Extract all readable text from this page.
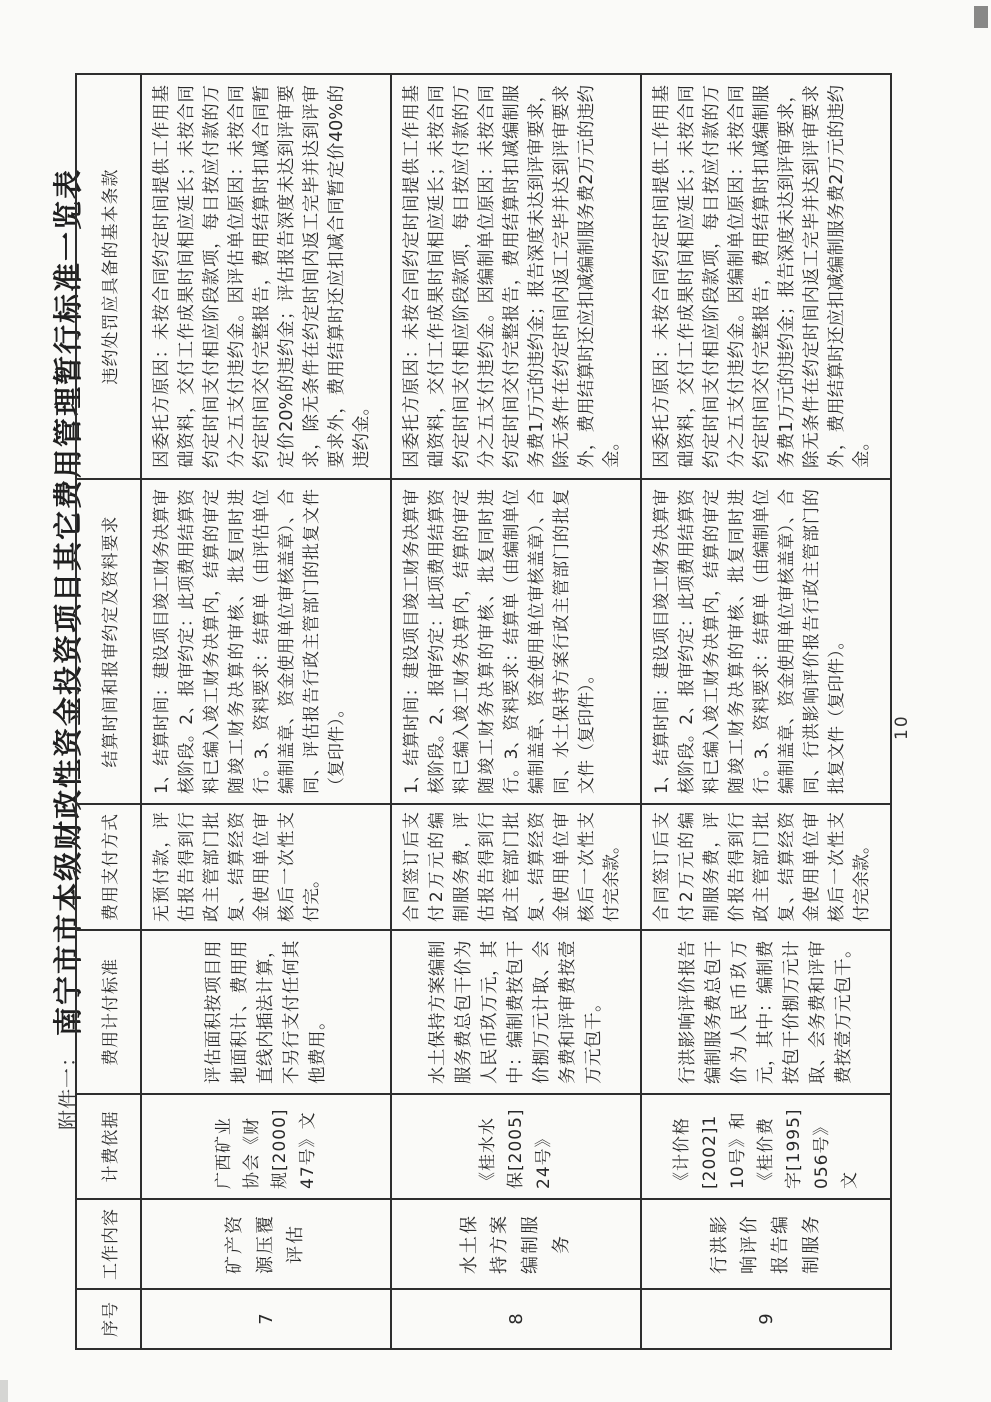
附件一：
南宁市市本级财政性资金投资项目其它费用管理暂行标准一览表
序号	工作内容	计费依据	费用计付标准	费用支付方式	结算时间和报审约定及资料要求	违约处罚应具备的基本条款
7	矿产资源压覆评估	广西矿业协会《财规[2000]47号》文	评估面积按项目用地面积计、费用用直线内插法计算，不另行支付任何其他费用。	无预付款，评估报告得到行政主管部门批复、结算经资金使用单位审核后一次性支付完。	1、结算时间：建设项目竣工财务决算审核阶段。2、报审约定：此项费用结算资料已编入竣工财务决算内，结算的审定随竣工财务决算的审核、批复同时进行。3、资料要求：结算单（由评估单位编制盖章、资金使用单位审核盖章）、合同、评估报告行政主管部门的批复文件（复印件）。	因委托方原因：未按合同约定时间提供工作用基础资料，交付工作成果时间相应延长；未按合同约定时间支付相应阶段款项，每日按应付款的万分之五支付违约金。因评估单位原因：未按合同约定时间交付完整报告，费用结算时扣减合同暂定价20%的违约金；评估报告深度未达到评审要求，除无条件在约定时间内返工完毕并达到评审要求外，费用结算时还应扣减合同暂定价40%的违约金。
8	水土保持方案编制服务	《桂水水保[2005]24号》	水土保持方案编制服务费总包干价为人民币玖万元，其中：编制费按包干价捌万元计取、会务费和评审费按壹万元包干。	合同签订后支付2万元的编制服务费，评估报告得到行政主管部门批复、结算经资金使用单位审核后一次性支付完余款。	1、结算时间：建设项目竣工财务决算审核阶段。2、报审约定：此项费用结算资料已编入竣工财务决算内，结算的审定随竣工财务决算的审核、批复同时进行。3、资料要求：结算单（由编制单位编制盖章、资金使用单位审核盖章）、合同、水土保持方案行政主管部门的批复文件（复印件）。	因委托方原因：未按合同约定时间提供工作用基础资料，交付工作成果时间相应延长；未按合同约定时间支付相应阶段款项，每日按应付款的万分之五支付违约金。因编制单位原因：未按合同约定时间交付完整报告，费用结算时扣减编制服务费1万元的违约金；报告深度未达到评审要求，除无条件在约定时间内返工完毕并达到评审要求外，费用结算时还应扣减编制服务费2万元的违约金。
9	行洪影响评价报告编制服务	《计价格[2002]110号》和《桂价费字[1995]056号》文	行洪影响评价报告编制服务费总包干价为人民币玖万元，其中：编制费按包干价捌万元计取、会务费和评审费按壹万元包干。	合同签订后支付2万元的编制服务费，评价报告得到行政主管部门批复、结算经资金使用单位审核后一次性支付完余款。	1、结算时间：建设项目竣工财务决算审核阶段。2、报审约定：此项费用结算资料已编入竣工财务决算内，结算的审定随竣工财务决算的审核、批复同时进行。3、资料要求：结算单（由编制单位编制盖章、资金使用单位审核盖章）、合同、行洪影响评价报告行政主管部门的批复文件（复印件）。	因委托方原因：未按合同约定时间提供工作用基础资料，交付工作成果时间相应延长；未按合同约定时间支付相应阶段款项，每日按应付款的万分之五支付违约金。因编制单位原因：未按合同约定时间交付完整报告，费用结算时扣减编制服务费1万元的违约金；报告深度未达到评审要求，除无条件在约定时间内返工完毕并达到评审要求外，费用结算时还应扣减编制服务费2万元的违约金。
10
